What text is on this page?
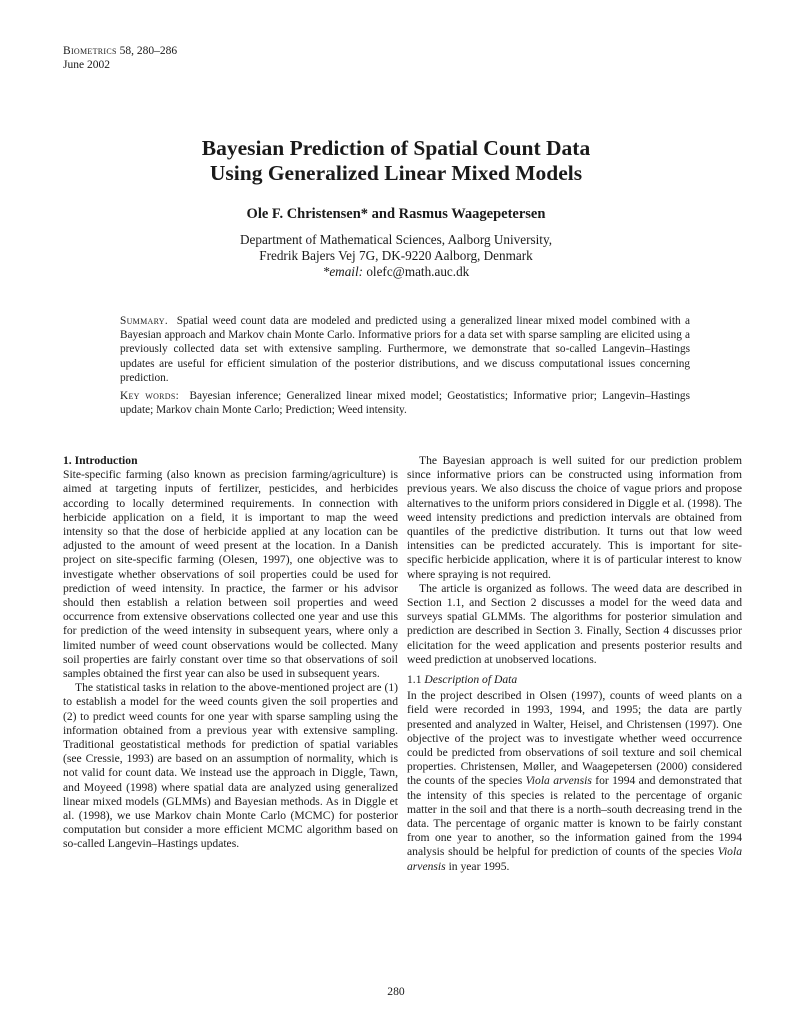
Biometrics 58, 280–286
June 2002
Bayesian Prediction of Spatial Count Data
Using Generalized Linear Mixed Models
Ole F. Christensen* and Rasmus Waagepetersen
Department of Mathematical Sciences, Aalborg University,
Fredrik Bajers Vej 7G, DK-9220 Aalborg, Denmark
*email: olefc@math.auc.dk

Summary. Spatial weed count data are modeled and predicted using a generalized linear mixed model combined with a Bayesian approach and Markov chain Monte Carlo. Informative priors for a data set with sparse sampling are elicited using a previously collected data set with extensive sampling. Furthermore, we demonstrate that so-called Langevin–Hastings updates are useful for efficient simulation of the posterior distributions, and we discuss computational issues concerning prediction.

Key words: Bayesian inference; Generalized linear mixed model; Geostatistics; Informative prior; Langevin–Hastings update; Markov chain Monte Carlo; Prediction; Weed intensity.

1. Introduction

Site-specific farming (also known as precision farming/agriculture) is aimed at targeting inputs of fertilizer, pesticides, and herbicides according to locally determined requirements. In connection with herbicide application on a field, it is important to map the weed intensity so that the dose of herbicide applied at any location can be adjusted to the amount of weed present at the location. In a Danish project on site-specific farming (Olesen, 1997), one objective was to investigate whether observations of soil properties could be used for prediction of weed intensity. In practice, the farmer or his advisor should then establish a relation between soil properties and weed occurrence from extensive observations collected one year and use this for prediction of the weed intensity in subsequent years, where only a limited number of weed count observations would be collected. Many soil properties are fairly constant over time so that observations of soil samples obtained the first year can also be used in subsequent years.

The statistical tasks in relation to the above-mentioned project are (1) to establish a model for the weed counts given the soil properties and (2) to predict weed counts for one year with sparse sampling using the information obtained from a previous year with extensive sampling. Traditional geostatistical methods for prediction of spatial variables (see Cressie, 1993) are based on an assumption of normality, which is not valid for count data. We instead use the approach in Diggle, Tawn, and Moyeed (1998) where spatial data are analyzed using generalized linear mixed models (GLMMs) and Bayesian methods. As in Diggle et al. (1998), we use Markov chain Monte Carlo (MCMC) for posterior computation but consider a more efficient MCMC algorithm based on so-called Langevin–Hastings updates.

The Bayesian approach is well suited for our prediction problem since informative priors can be constructed using information from previous years. We also discuss the choice of vague priors and propose alternatives to the uniform priors considered in Diggle et al. (1998). The weed intensity predictions and prediction intervals are obtained from quantiles of the predictive distribution. It turns out that low weed intensities can be predicted accurately. This is important for site-specific herbicide application, where it is of particular interest to know where spraying is not required.

The article is organized as follows. The weed data are described in Section 1.1, and Section 2 discusses a model for the weed data and surveys spatial GLMMs. The algorithms for posterior simulation and prediction are described in Section 3. Finally, Section 4 discusses prior elicitation for the weed application and presents posterior results and weed prediction at unobserved locations.

1.1 Description of Data

In the project described in Olsen (1997), counts of weed plants on a field were recorded in 1993, 1994, and 1995; the data are partly presented and analyzed in Walter, Heisel, and Christensen (1997). One objective of the project was to investigate whether weed occurrence could be predicted from observations of soil texture and soil chemical properties. Christensen, Møller, and Waagepetersen (2000) considered the counts of the species Viola arvensis for 1994 and demonstrated that the intensity of this species is related to the percentage of organic matter in the soil and that there is a north–south decreasing trend in the data. The percentage of organic matter is known to be fairly constant from one year to another, so the information gained from the 1994 analysis should be helpful for prediction of counts of the species Viola arvensis in year 1995.

280
